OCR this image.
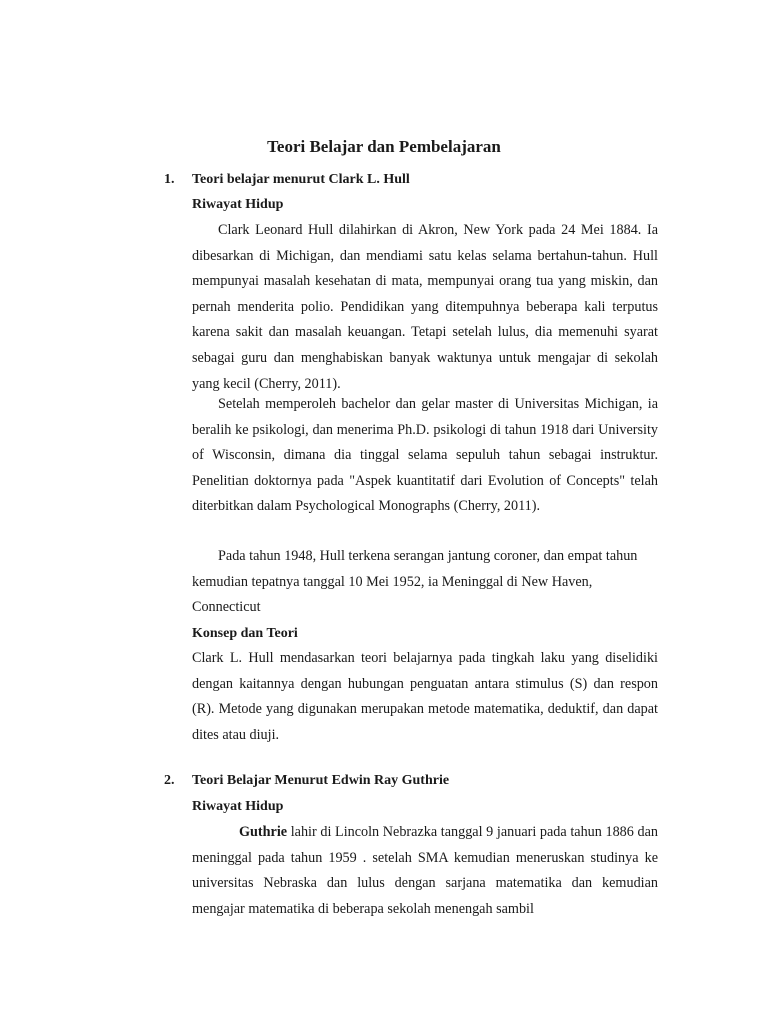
Teori Belajar dan Pembelajaran
1. Teori belajar menurut Clark L. Hull
Riwayat Hidup

Clark Leonard Hull dilahirkan di Akron, New York pada 24 Mei 1884. Ia dibesarkan di Michigan, dan mendiami satu kelas selama bertahun-tahun. Hull mempunyai masalah kesehatan di mata, mempunyai orang tua yang miskin, dan pernah menderita polio. Pendidikan yang ditempuhnya beberapa kali terputus karena sakit dan masalah keuangan. Tetapi setelah lulus, dia memenuhi syarat sebagai guru dan menghabiskan banyak waktunya untuk mengajar di sekolah yang kecil (Cherry, 2011).

Setelah memperoleh bachelor dan gelar master di Universitas Michigan, ia beralih ke psikologi, dan menerima Ph.D. psikologi di tahun 1918 dari University of Wisconsin, dimana dia tinggal selama sepuluh tahun sebagai instruktur. Penelitian doktornya pada "Aspek kuantitatif dari Evolution of Concepts" telah diterbitkan dalam Psychological Monographs (Cherry, 2011).

Pada tahun 1948, Hull terkena serangan jantung coroner, dan empat tahun kemudian tepatnya tanggal 10 Mei 1952, ia Meninggal di New Haven, Connecticut

Konsep dan Teori

Clark L. Hull mendasarkan teori belajarnya pada tingkah laku yang diselidiki dengan kaitannya dengan hubungan penguatan antara stimulus (S) dan respon (R). Metode yang digunakan merupakan metode matematika, deduktif, dan dapat dites atau diuji.

2. Teori Belajar Menurut Edwin Ray Guthrie
Riwayat Hidup

Guthrie lahir di Lincoln Nebrazka tanggal 9 januari pada tahun 1886 dan meninggal pada tahun 1959 . setelah SMA kemudian meneruskan studinya ke universitas Nebraska dan lulus dengan sarjana matematika dan kemudian mengajar matematika di beberapa sekolah menengah sambil
